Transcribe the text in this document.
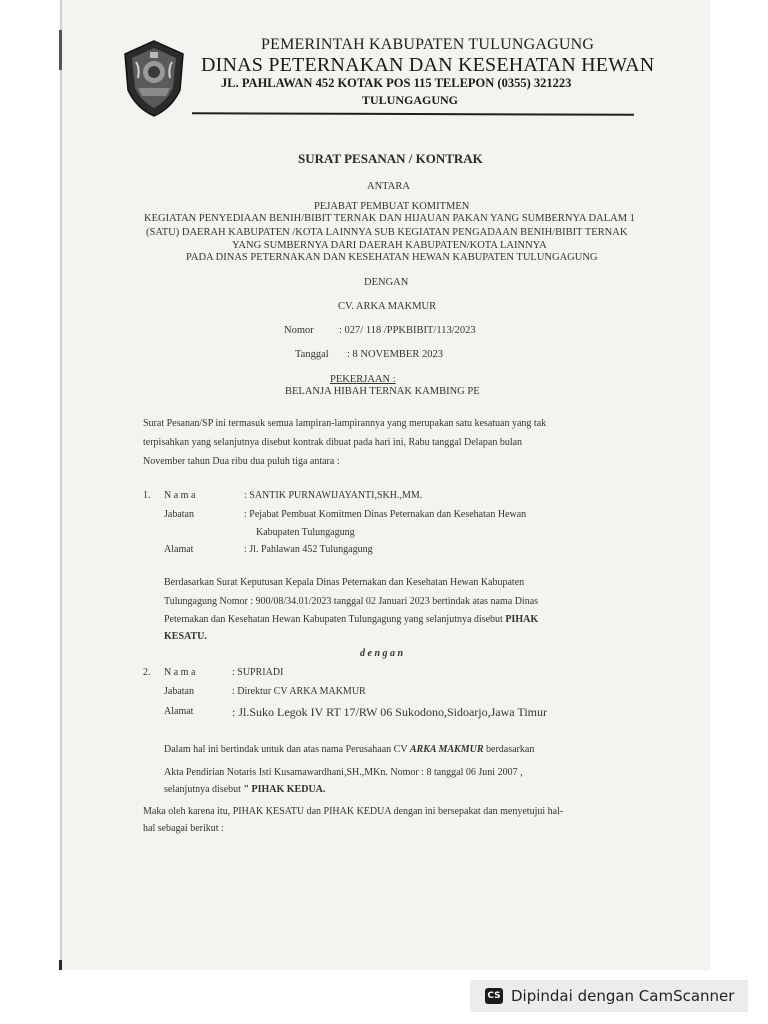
PEMERINTAH KABUPATEN TULUNGAGUNG
DINAS PETERNAKAN DAN KESEHATAN HEWAN
JL. PAHLAWAN 452 KOTAK POS 115 TELEPON (0355) 321223
TULUNGAGUNG
SURAT PESANAN / KONTRAK
ANTARA
PEJABAT PEMBUAT KOMITMEN
KEGIATAN PENYEDIAAN BENIH/BIBIT TERNAK DAN HIJAUAN PAKAN YANG SUMBERNYA DALAM 1
(SATU) DAERAH KABUPATEN /KOTA LAINNYA SUB KEGIATAN PENGADAAN BENIH/BIBIT TERNAK
YANG SUMBERNYA DARI DAERAH KABUPATEN/KOTA LAINNYA
PADA DINAS PETERNAKAN DAN KESEHATAN HEWAN KABUPATEN TULUNGAGUNG
DENGAN
CV. ARKA MAKMUR
Nomor : 027/ 118 /PPKBIBIT/113/2023
Tanggal : 8 NOVEMBER 2023
PEKERJAAN :
BELANJA HIBAH TERNAK KAMBING PE
Surat Pesanan/SP ini termasuk semua lampiran-lampirannya yang merupakan satu kesatuan yang tak
terpisahkan yang selanjutnya disebut kontrak dibuat pada hari ini, Rabu tanggal Delapan bulan
November tahun Dua ribu dua puluh tiga antara :
1. N a m a	: SANTIK PURNAWIJAYANTI,SKH.,MM.
Jabatan	: Pejabat Pembuat Komitmen Dinas Peternakan dan Kesehatan Hewan
Kabupaten Tulungagung
Alamat	: Jl. Pahlawan 452 Tulungagung
Berdasarkan Surat Keputusan Kepala Dinas Peternakan dan Kesehatan Hewan Kabupaten
Tulungagung Nomor : 900/08/34.01/2023 tanggal 02 Januari 2023 bertindak atas nama Dinas
Peternakan dan Kesehatan Hewan Kabupaten Tulungagung yang selanjutnya disebut PIHAK
KESATU.
d e n g a n
2. N a m a	: SUPRIADI
Jabatan	: Direktur CV ARKA MAKMUR
Alamat	: Jl.Suko Legok IV RT 17/RW 06 Sukodono,Sidoarjo,Jawa Timur
Dalam hal ini bertindak untuk dan atas nama Perusahaan CV ARKA MAKMUR berdasarkan
Akta Pendirian Notaris Isti Kusamawardhani,SH.,MKn. Nomor : 8 tanggal 06 Juni 2007 ,
selanjutnya disebut " PIHAK KEDUA.
Maka oleh karena itu, PIHAK KESATU dan PIHAK KEDUA dengan ini bersepakat dan menyetujui hal-
hal sebagai berikut :
CS Dipindai dengan CamScanner
